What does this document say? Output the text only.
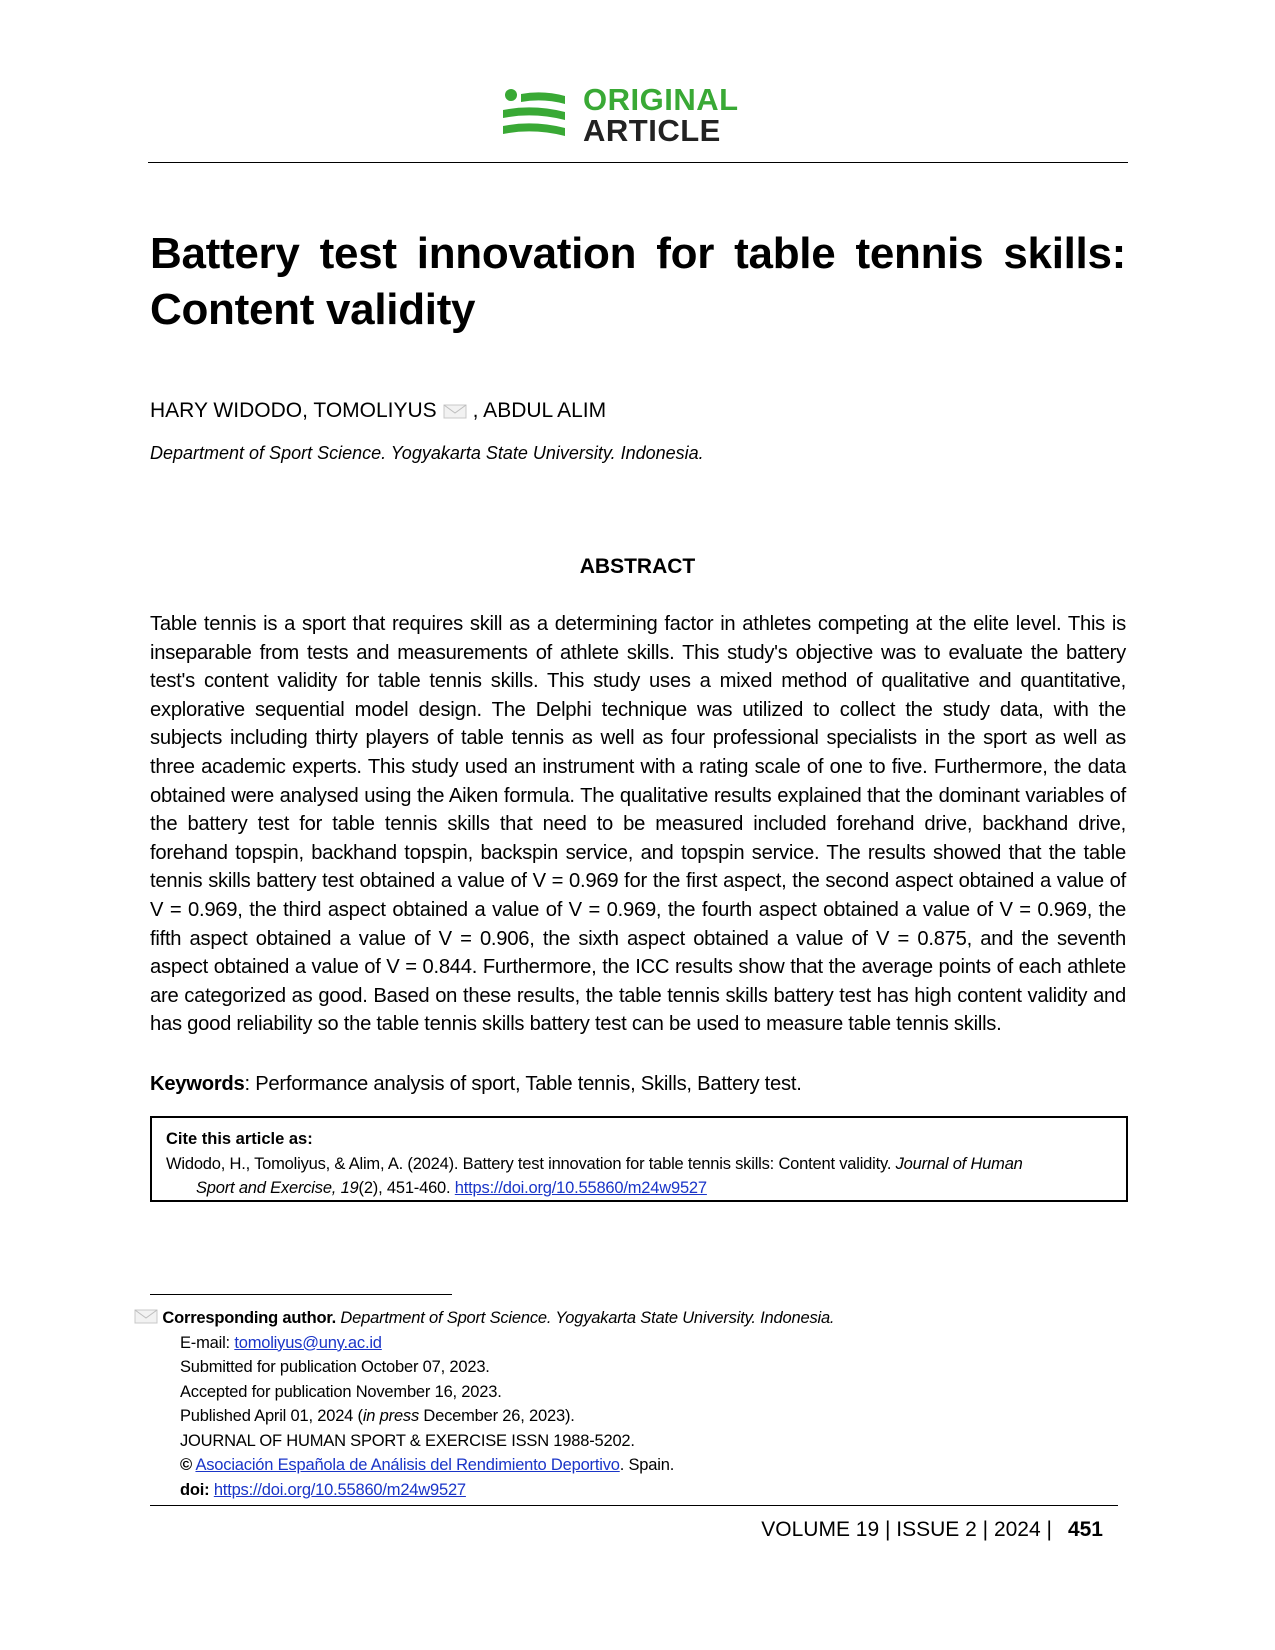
ORIGINAL
ARTICLE
Battery test innovation for table tennis skills: Content validity
HARY WIDODO, TOMOLIYUS , ABDUL ALIM
Department of Sport Science. Yogyakarta State University. Indonesia.
ABSTRACT

Table tennis is a sport that requires skill as a determining factor in athletes competing at the elite level. This is inseparable from tests and measurements of athlete skills. This study's objective was to evaluate the battery test's content validity for table tennis skills. This study uses a mixed method of qualitative and quantitative, explorative sequential model design. The Delphi technique was utilized to collect the study data, with the subjects including thirty players of table tennis as well as four professional specialists in the sport as well as three academic experts. This study used an instrument with a rating scale of one to five. Furthermore, the data obtained were analysed using the Aiken formula. The qualitative results explained that the dominant variables of the battery test for table tennis skills that need to be measured included forehand drive, backhand drive, forehand topspin, backhand topspin, backspin service, and topspin service. The results showed that the table tennis skills battery test obtained a value of V = 0.969 for the first aspect, the second aspect obtained a value of V = 0.969, the third aspect obtained a value of V = 0.969, the fourth aspect obtained a value of V = 0.969, the fifth aspect obtained a value of V = 0.906, the sixth aspect obtained a value of V = 0.875, and the seventh aspect obtained a value of V = 0.844. Furthermore, the ICC results show that the average points of each athlete are categorized as good. Based on these results, the table tennis skills battery test has high content validity and has good reliability so the table tennis skills battery test can be used to measure table tennis skills.

Keywords: Performance analysis of sport, Table tennis, Skills, Battery test.
Cite this article as:
Widodo, H., Tomoliyus, & Alim, A. (2024). Battery test innovation for table tennis skills: Content validity. Journal of Human
Sport and Exercise, 19(2), 451-460. https://doi.org/10.55860/m24w9527
Corresponding author. Department of Sport Science. Yogyakarta State University. Indonesia.
E-mail: tomoliyus@uny.ac.id
Submitted for publication October 07, 2023.
Accepted for publication November 16, 2023.
Published April 01, 2024 (in press December 26, 2023).
JOURNAL OF HUMAN SPORT & EXERCISE ISSN 1988-5202.
© Asociación Española de Análisis del Rendimiento Deportivo. Spain.
doi: https://doi.org/10.55860/m24w9527
VOLUME 19 | ISSUE 2 | 2024 | 451
